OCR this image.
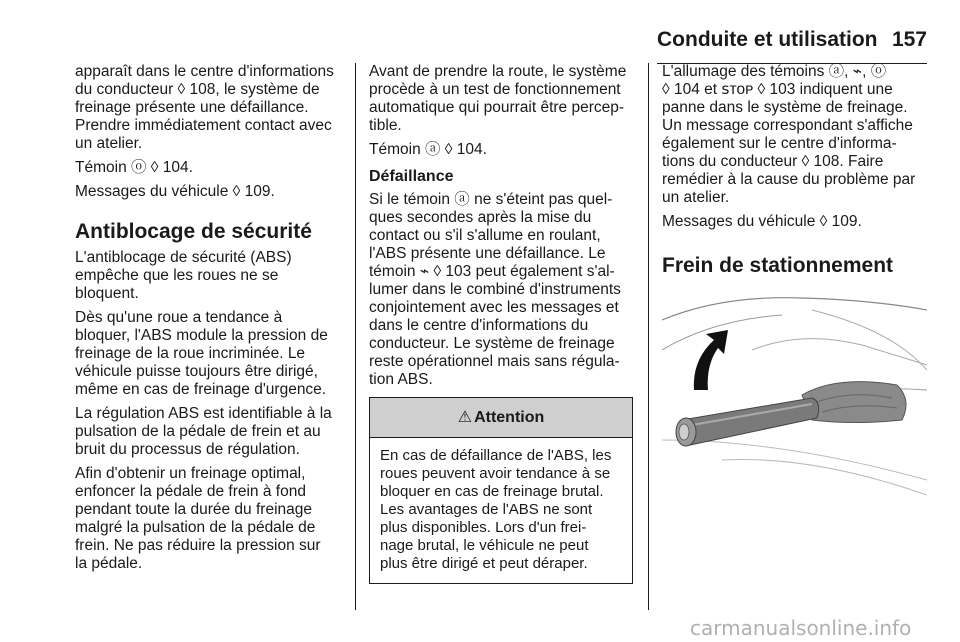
Conduite et utilisation 157

apparaît dans le centre d'informations
du conducteur ◊ 108, le système de
freinage présente une défaillance.
Prendre immédiatement contact avec
un atelier.

Témoin ⓞ ◊ 104.

Messages du véhicule ◊ 109.

Antiblocage de sécurité

L'antiblocage de sécurité (ABS)
empêche que les roues ne se
bloquent.

Dès qu'une roue a tendance à
bloquer, l'ABS module la pression de
freinage de la roue incriminée. Le
véhicule puisse toujours être dirigé,
même en cas de freinage d'urgence.

La régulation ABS est identifiable à la
pulsation de la pédale de frein et au
bruit du processus de régulation.

Afin d'obtenir un freinage optimal,
enfoncer la pédale de frein à fond
pendant toute la durée du freinage
malgré la pulsation de la pédale de
frein. Ne pas réduire la pression sur
la pédale.

Avant de prendre la route, le système
procède à un test de fonctionnement
automatique qui pourrait être percep-
tible.

Témoin ⓐ ◊ 104.

Défaillance

Si le témoin ⓐ ne s'éteint pas quel-
ques secondes après la mise du
contact ou s'il s'allume en roulant,
l'ABS présente une défaillance. Le
témoin ⌁ ◊ 103 peut également s'al-
lumer dans le combiné d'instruments
conjointement avec les messages et
dans le centre d'informations du
conducteur. Le système de freinage
reste opérationnel mais sans régula-
tion ABS.

⚠ Attention
En cas de défaillance de l'ABS, les
roues peuvent avoir tendance à se
bloquer en cas de freinage brutal.
Les avantages de l'ABS ne sont
plus disponibles. Lors d'un frei-
nage brutal, le véhicule ne peut
plus être dirigé et peut déraper.

L'allumage des témoins ⓐ, ⌁, ⓞ
◊ 104 et ꜱᴛᴏᴘ ◊ 103 indiquent une
panne dans le système de freinage.
Un message correspondant s'affiche
également sur le centre d'informa-
tions du conducteur ◊ 108. Faire
remédier à la cause du problème par
un atelier.

Messages du véhicule ◊ 109.

Frein de stationnement
carmanualsonline.info
